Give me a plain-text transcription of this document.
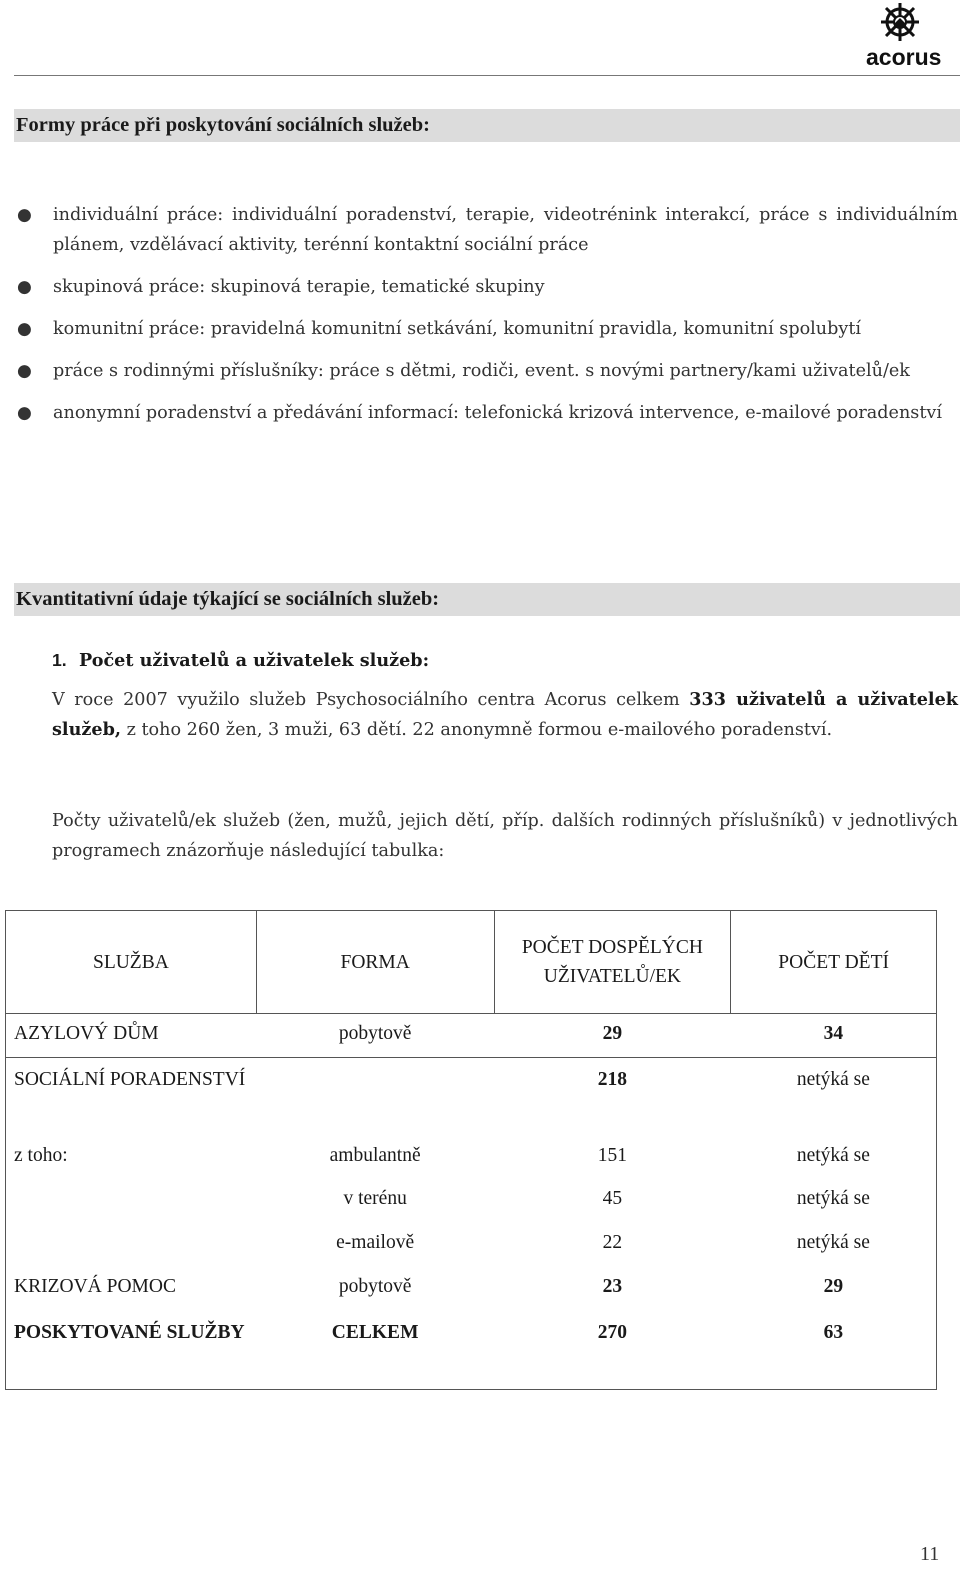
acorus
Formy práce při poskytování sociálních služeb:
● individuální práce: individuální poradenství, terapie, videotrénink interakcí, práce s individuálním plánem, vzdělávací aktivity, terénní kontaktní sociální práce
● skupinová práce: skupinová terapie, tematické skupiny
● komunitní práce: pravidelná komunitní setkávání, komunitní pravidla, komunitní spolubytí
● práce s rodinnými příslušníky: práce s dětmi, rodiči, event. s novými partnery/kami uživatelů/ek
● anonymní poradenství a předávání informací: telefonická krizová intervence, e-mailové poradenství
Kvantitativní údaje týkající se sociálních služeb:
1. Počet uživatelů a uživatelek služeb:
V roce 2007 využilo služeb Psychosociálního centra Acorus celkem 333 uživatelů a uživatelek služeb, z toho 260 žen, 3 muži, 63 dětí. 22 anonymně formou e-mailového poradenství.
Počty uživatelů/ek služeb (žen, mužů, jejich dětí, příp. dalších rodinných příslušníků) v jednotlivých programech znázorňuje následující tabulka:
SLUŽBA	FORMA	POČET DOSPĚLÝCH UŽIVATELŮ/EK	POČET DĚTÍ
AZYLOVÝ DŮM	pobytově	29	34
SOCIÁLNÍ PORADENSTVÍ		218	netýká se
z toho:	ambulantně	151	netýká se
	v terénu	45	netýká se
	e-mailově	22	netýká se
KRIZOVÁ POMOC	pobytově	23	29
POSKYTOVANÉ SLUŽBY	CELKEM	270	63
11
